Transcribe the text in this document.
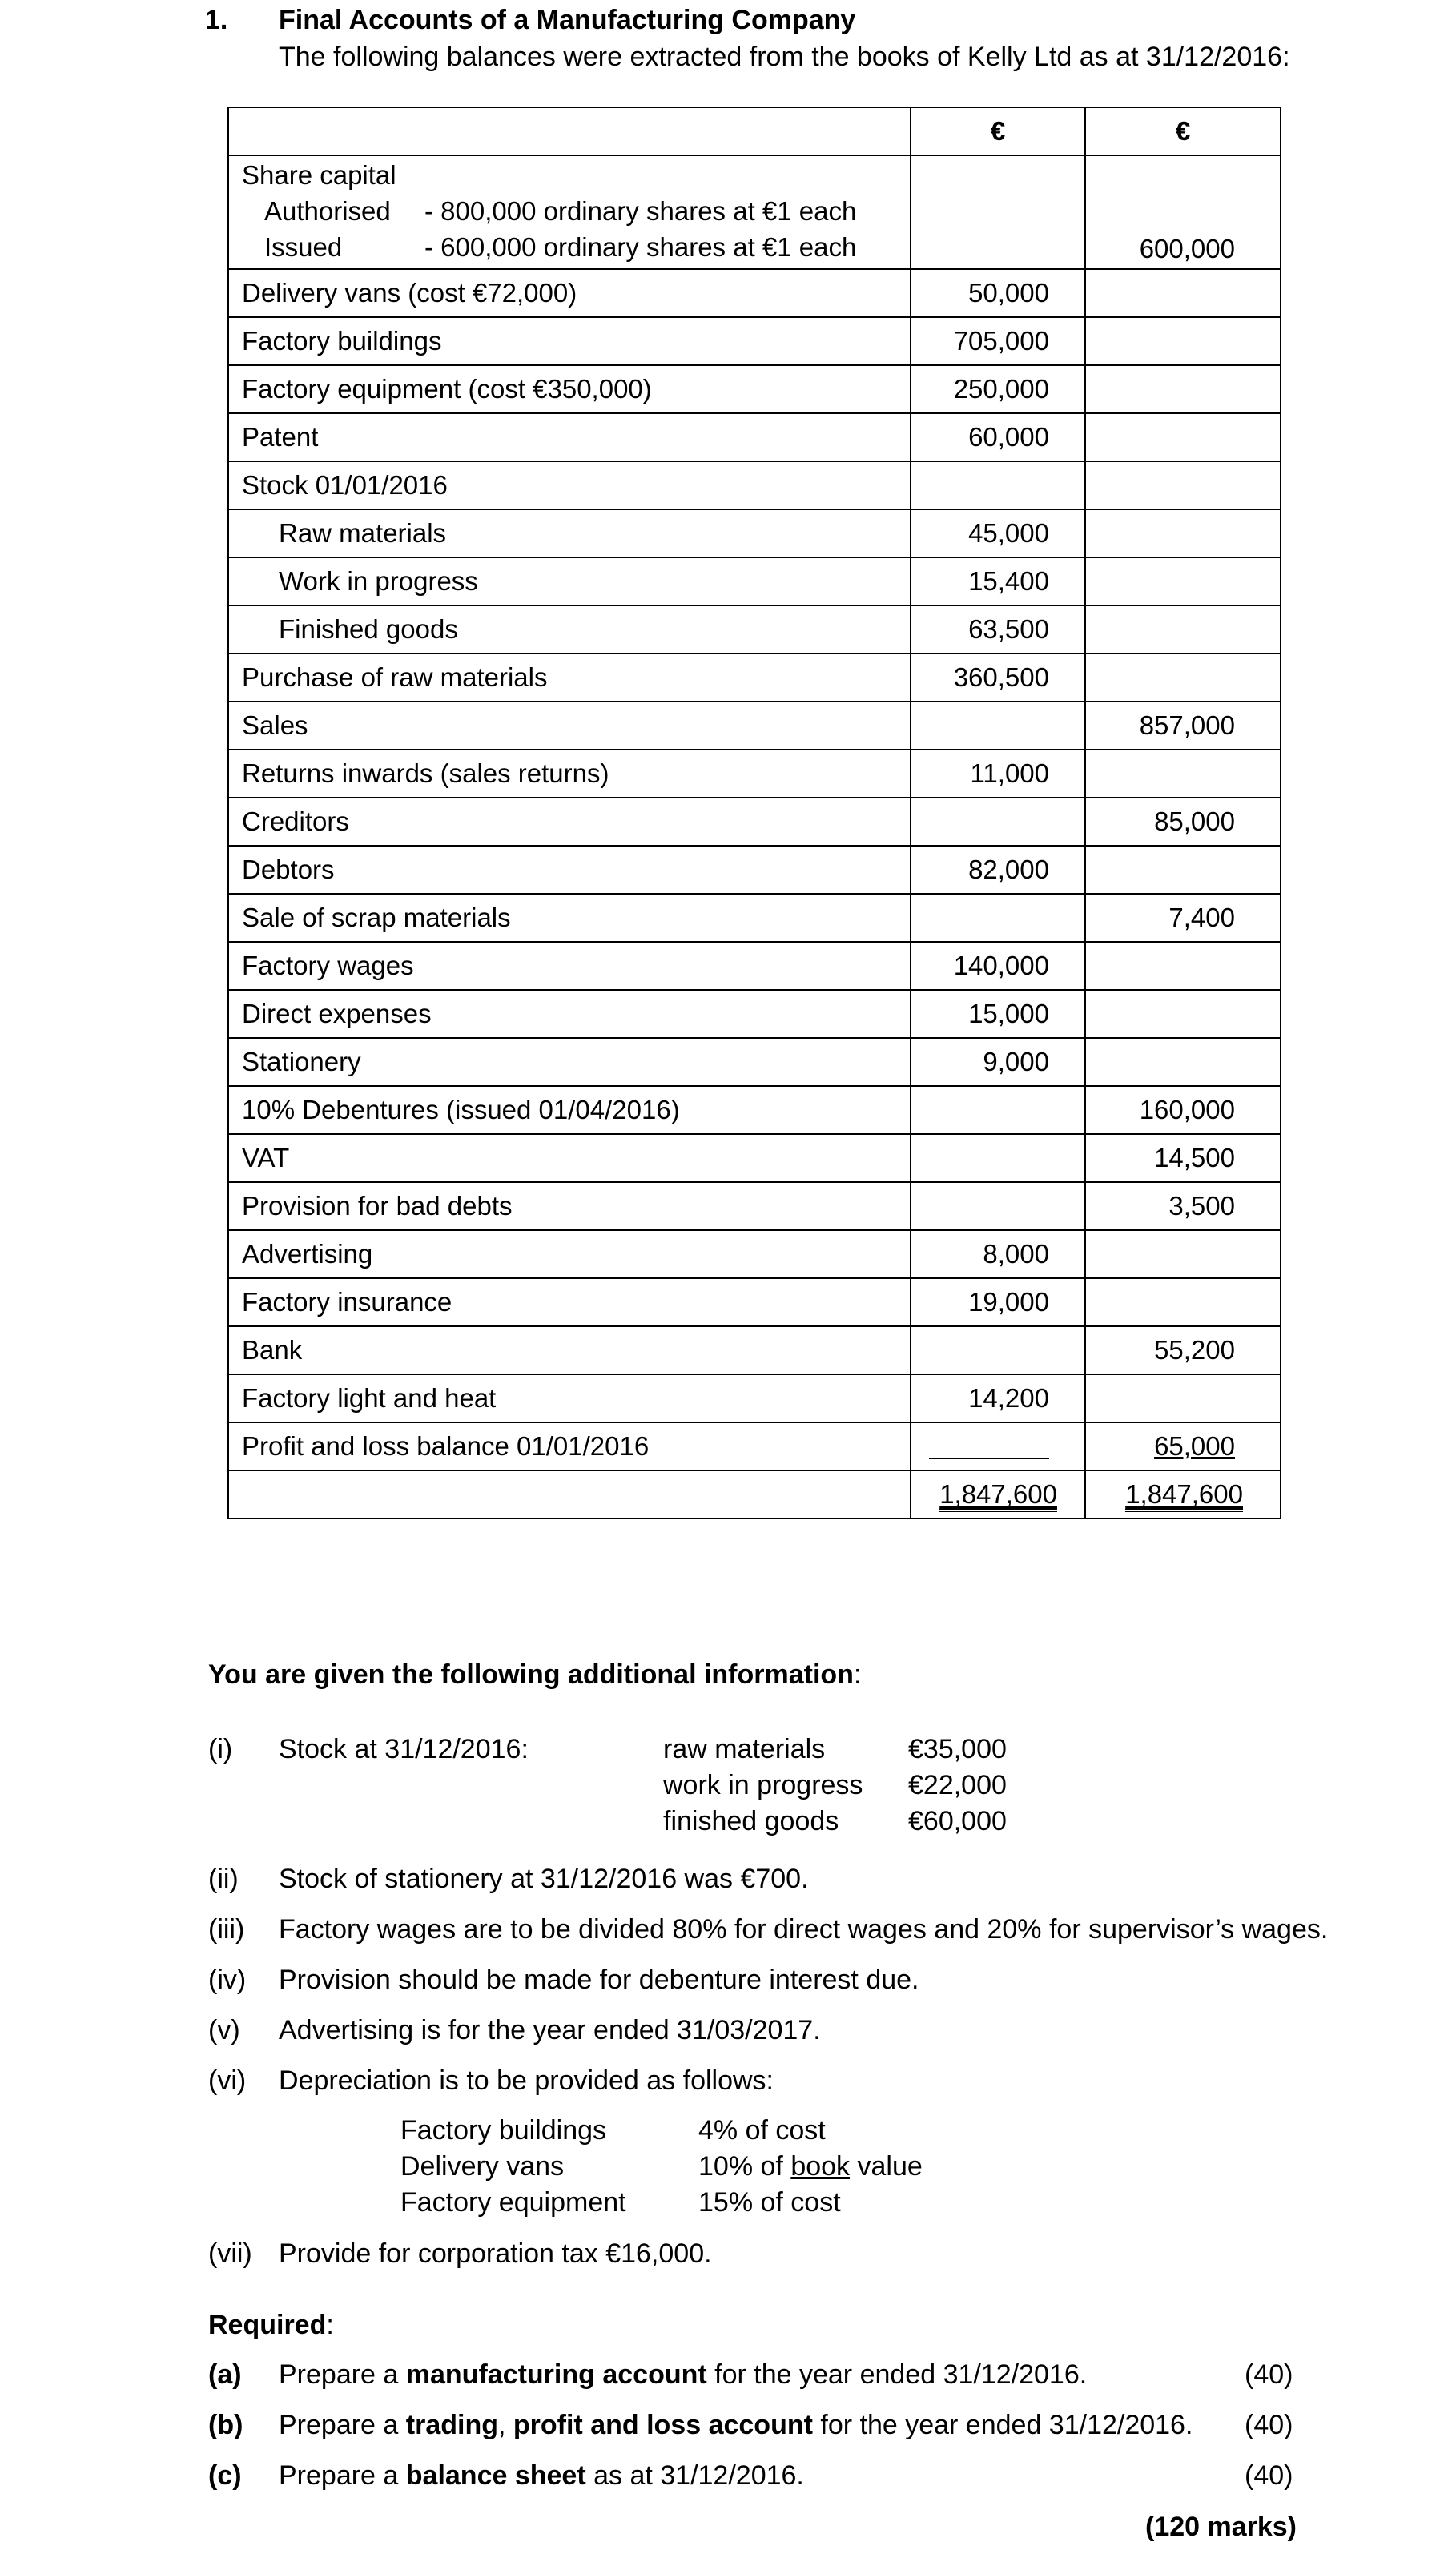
1. Final Accounts of a Manufacturing Company
The following balances were extracted from the books of Kelly Ltd as at 31/12/2016:
	€	€

Share capital
Authorised - 800,000 ordinary shares at €1 each
Issued - 600,000 ordinary shares at €1 each		600,000
Delivery vans (cost €72,000)	50,000	
Factory buildings	705,000	
Factory equipment (cost €350,000)	250,000	
Patent	60,000	
Stock 01/01/2016		
Raw materials	45,000	
Work in progress	15,400	
Finished goods	63,500	
Purchase of raw materials	360,500	
Sales		857,000
Returns inwards (sales returns)	11,000	
Creditors		85,000
Debtors	82,000	
Sale of scrap materials		7,400
Factory wages	140,000	
Direct expenses	15,000	
Stationery	9,000	
10% Debentures (issued 01/04/2016)		160,000
VAT		14,500
Provision for bad debts		3,500
Advertising	8,000	
Factory insurance	19,000	
Bank		55,200
Factory light and heat	14,200	
Profit and loss balance 01/01/2016		65,000
	1,847,600	1,847,600
You are given the following additional information:
(i) Stock at 31/12/2016:	raw materials	€35,000
work in progress	€22,000
finished goods	€60,000
(ii) Stock of stationery at 31/12/2016 was €700.
(iii) Factory wages are to be divided 80% for direct wages and 20% for supervisor’s wages.
(iv) Provision should be made for debenture interest due.
(v) Advertising is for the year ended 31/03/2017.
(vi) Depreciation is to be provided as follows:
Factory buildings	4% of cost
Delivery vans	10% of book value
Factory equipment	15% of cost
(vii) Provide for corporation tax €16,000.
Required:
(a) Prepare a manufacturing account for the year ended 31/12/2016.	(40)
(b) Prepare a trading, profit and loss account for the year ended 31/12/2016. (40)
(c) Prepare a balance sheet as at 31/12/2016.	(40)
(120 marks)
